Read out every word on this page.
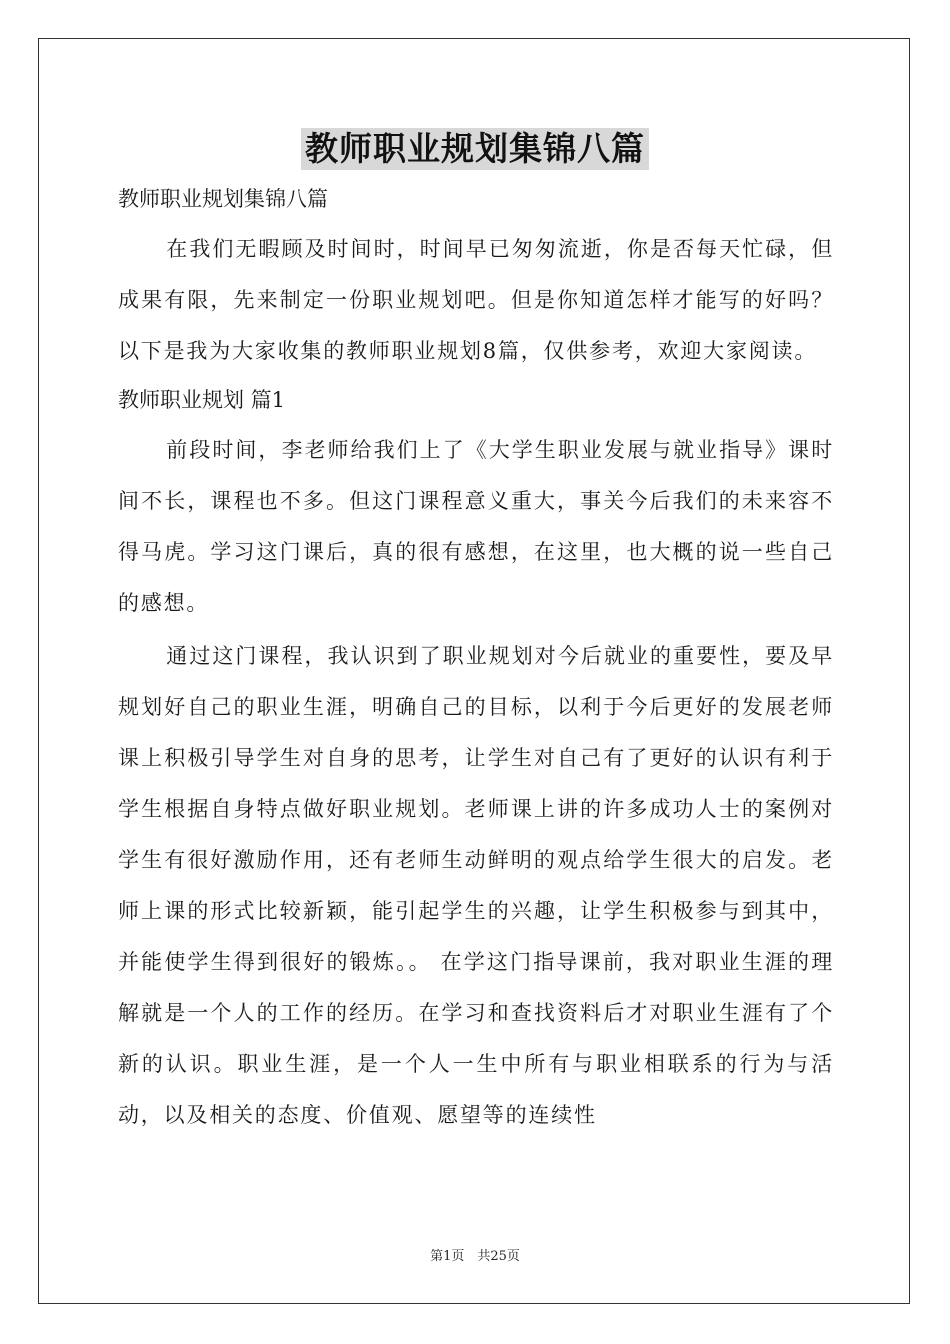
教师职业规划集锦八篇
教师职业规划集锦八篇

在我们无暇顾及时间时，时间早已匆匆流逝，你是否每天忙碌，但成果有限，先来制定一份职业规划吧。但是你知道怎样才能写的好吗？以下是我为大家收集的教师职业规划8篇，仅供参考，欢迎大家阅读。

教师职业规划 篇1

前段时间，李老师给我们上了《大学生职业发展与就业指导》课时间不长，课程也不多。但这门课程意义重大，事关今后我们的未来容不得马虎。学习这门课后，真的很有感想，在这里，也大概的说一些自己的感想。

通过这门课程，我认识到了职业规划对今后就业的重要性，要及早规划好自己的职业生涯，明确自己的目标，以利于今后更好的发展老师课上积极引导学生对自身的思考，让学生对自己有了更好的认识有利于学生根据自身特点做好职业规划。老师课上讲的许多成功人士的案例对学生有很好激励作用，还有老师生动鲜明的观点给学生很大的启发。老师上课的形式比较新颖，能引起学生的兴趣，让学生积极参与到其中，并能使学生得到很好的锻炼。。 在学这门指导课前，我对职业生涯的理解就是一个人的工作的经历。在学习和查找资料后才对职业生涯有了个新的认识。职业生涯，是一个人一生中所有与职业相联系的行为与活动，以及相关的态度、价值观、愿望等的连续性

第1页　共25页
